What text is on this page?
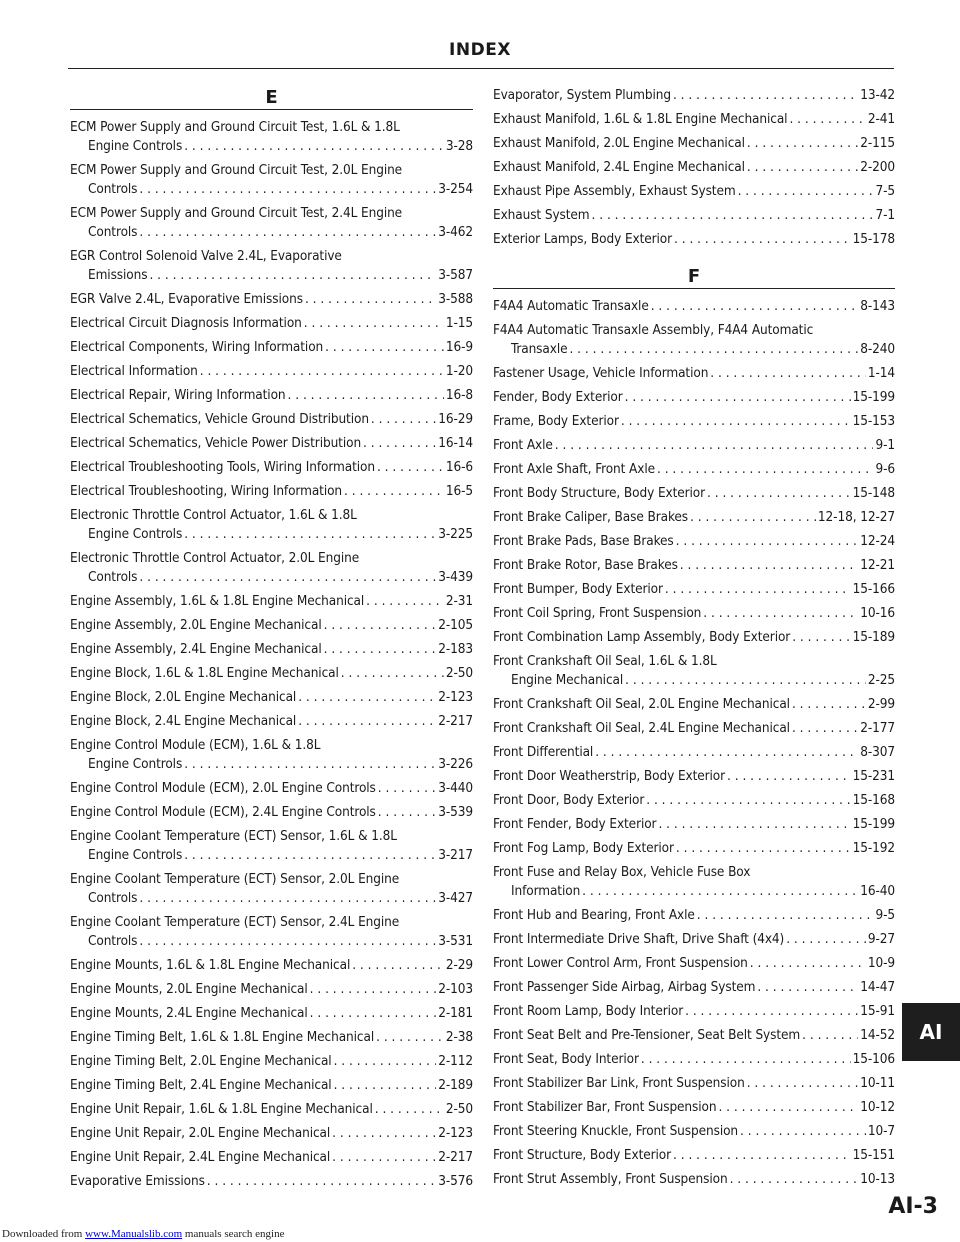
INDEX
E
ECM Power Supply and Ground Circuit Test, 1.6L & 1.8L
Engine Controls . . .	3-28
ECM Power Supply and Ground Circuit Test, 2.0L Engine
Controls . . .	3-254
ECM Power Supply and Ground Circuit Test, 2.4L Engine
Controls . . .	3-462
EGR Control Solenoid Valve 2.4L, Evaporative
Emissions . . .	3-587
EGR Valve 2.4L, Evaporative Emissions . . .	3-588
Electrical Circuit Diagnosis Information . . .	1-15
Electrical Components, Wiring Information . . .	16-9
Electrical Information . . .	1-20
Electrical Repair, Wiring Information . . .	16-8
Electrical Schematics, Vehicle Ground Distribution . . .	16-29
Electrical Schematics, Vehicle Power Distribution . . .	16-14
Electrical Troubleshooting Tools, Wiring Information . . .	16-6
Electrical Troubleshooting, Wiring Information . . .	16-5
Electronic Throttle Control Actuator, 1.6L & 1.8L
Engine Controls . . .	3-225
Electronic Throttle Control Actuator, 2.0L Engine
Controls . . .	3-439
Engine Assembly, 1.6L & 1.8L Engine Mechanical . . .	2-31
Engine Assembly, 2.0L Engine Mechanical . . .	2-105
Engine Assembly, 2.4L Engine Mechanical . . .	2-183
Engine Block, 1.6L & 1.8L Engine Mechanical . . .	2-50
Engine Block, 2.0L Engine Mechanical . . .	2-123
Engine Block, 2.4L Engine Mechanical . . .	2-217
Engine Control Module (ECM), 1.6L & 1.8L
Engine Controls . . .	3-226
Engine Control Module (ECM), 2.0L Engine Controls . . .	3-440
Engine Control Module (ECM), 2.4L Engine Controls . . .	3-539
Engine Coolant Temperature (ECT) Sensor, 1.6L & 1.8L
Engine Controls . . .	3-217
Engine Coolant Temperature (ECT) Sensor, 2.0L Engine
Controls . . .	3-427
Engine Coolant Temperature (ECT) Sensor, 2.4L Engine
Controls . . .	3-531
Engine Mounts, 1.6L & 1.8L Engine Mechanical . . .	2-29
Engine Mounts, 2.0L Engine Mechanical . . .	2-103
Engine Mounts, 2.4L Engine Mechanical . . .	2-181
Engine Timing Belt, 1.6L & 1.8L Engine Mechanical . . .	2-38
Engine Timing Belt, 2.0L Engine Mechanical . . .	2-112
Engine Timing Belt, 2.4L Engine Mechanical . . .	2-189
Engine Unit Repair, 1.6L & 1.8L Engine Mechanical . . .	2-50
Engine Unit Repair, 2.0L Engine Mechanical . . .	2-123
Engine Unit Repair, 2.4L Engine Mechanical . . .	2-217
Evaporative Emissions . . .	3-576
Evaporator, System Plumbing . . .	13-42
Exhaust Manifold, 1.6L & 1.8L Engine Mechanical . . .	2-41
Exhaust Manifold, 2.0L Engine Mechanical . . .	2-115
Exhaust Manifold, 2.4L Engine Mechanical . . .	2-200
Exhaust Pipe Assembly, Exhaust System . . .	7-5
Exhaust System . . .	7-1
Exterior Lamps, Body Exterior . . .	15-178
F
F4A4 Automatic Transaxle . . .	8-143
F4A4 Automatic Transaxle Assembly, F4A4 Automatic
Transaxle . . .	8-240
Fastener Usage, Vehicle Information . . .	1-14
Fender, Body Exterior . . .	15-199
Frame, Body Exterior . . .	15-153
Front Axle . . .	9-1
Front Axle Shaft, Front Axle . . .	9-6
Front Body Structure, Body Exterior . . .	15-148
Front Brake Caliper, Base Brakes . . .	12-18, 12-27
Front Brake Pads, Base Brakes . . .	12-24
Front Brake Rotor, Base Brakes . . .	12-21
Front Bumper, Body Exterior . . .	15-166
Front Coil Spring, Front Suspension . . .	10-16
Front Combination Lamp Assembly, Body Exterior . . .	15-189
Front Crankshaft Oil Seal, 1.6L & 1.8L
Engine Mechanical . . .	2-25
Front Crankshaft Oil Seal, 2.0L Engine Mechanical . . .	2-99
Front Crankshaft Oil Seal, 2.4L Engine Mechanical . . .	2-177
Front Differential . . .	8-307
Front Door Weatherstrip, Body Exterior . . .	15-231
Front Door, Body Exterior . . .	15-168
Front Fender, Body Exterior . . .	15-199
Front Fog Lamp, Body Exterior . . .	15-192
Front Fuse and Relay Box, Vehicle Fuse Box
Information . . .	16-40
Front Hub and Bearing, Front Axle . . .	9-5
Front Intermediate Drive Shaft, Drive Shaft (4x4) . . .	9-27
Front Lower Control Arm, Front Suspension . . .	10-9
Front Passenger Side Airbag, Airbag System . . .	14-47
Front Room Lamp, Body Interior . . .	15-91
Front Seat Belt and Pre-Tensioner, Seat Belt System . . .	14-52
Front Seat, Body Interior . . .	15-106
Front Stabilizer Bar Link, Front Suspension . . .	10-11
Front Stabilizer Bar, Front Suspension . . .	10-12
Front Steering Knuckle, Front Suspension . . .	10-7
Front Structure, Body Exterior . . .	15-151
Front Strut Assembly, Front Suspension . . .	10-13
AI
AI-3
Downloaded from www.Manualslib.com manuals search engine
